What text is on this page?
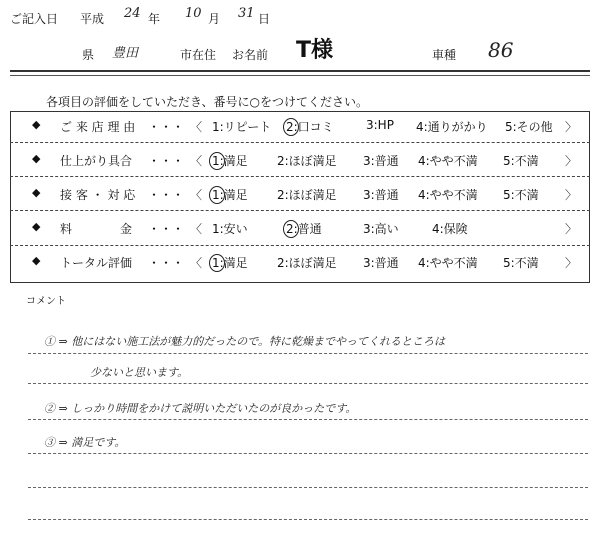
ご記入日 平成 24 年 10 月 31 日
県 豊田	市在住 お名前 T様	車種 86
各項目の評価をしていただき、番号に○をつけてください。
◆ ご 来 店 理 由 ・・・ 〈 1:リピート 2:口コミ	3:HP 4:通りがかり 5:その他 〉
◆ 仕上がり具合 ・・・ 〈 1:満足 2:ほぼ満足 3:普通 4:やや不満 5:不満 〉
◆ 接 客 ・ 対 応 ・・・ 〈 1:満足 2:ほぼ満足 3:普通 4:やや不満 5:不満 〉
◆ 料　　　　金 ・・・ 〈 1:安い	2:普通	3:高い	4:保険	〉
◆ トータル評価 ・・・ 〈 1:満足 2:ほぼ満足 3:普通 4:やや不満 5:不満 〉
コメント
① ⇒ 他にはない施工法が魅力的だったので。特に乾燥までやってくれるところは
少ないと思います。
② ⇒ しっかり時間をかけて説明いただいたのが良かったです。
③ ⇒ 満足です。
